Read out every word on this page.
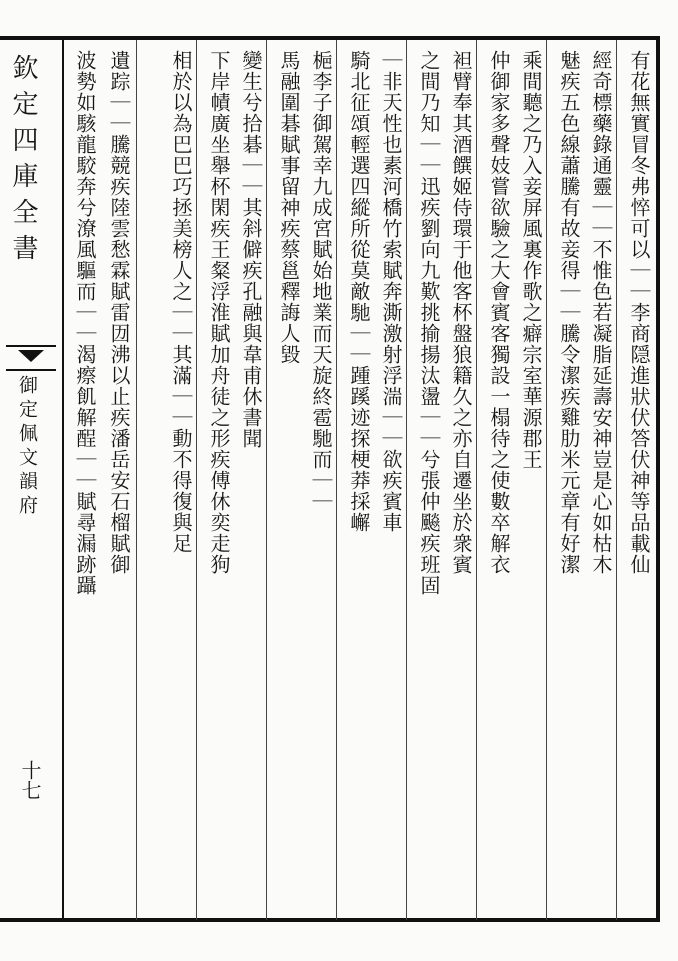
欽定四庫全書
御定佩文韻府
十七
有花無實冒冬弗悴可以｜｜李商隠進狀伏答伏神等品載仙
經奇標藥錄通靈｜｜不惟色若凝脂延壽安神豈是心如枯木
魅疾五色線蕭騰有故妾得｜｜騰令潔疾雞肋米元章有好潔
乘間聽之乃入妾屏風裏作歌之癖宗室華源郡王
仲御家多聲妓嘗欲驗之大會賓客獨設一榻待之使數卒解衣
袒臂奉其酒饌姬侍環于他客杯盤狼籍久之亦自遷坐於衆賓
之間乃知｜｜迅疾劉向九歎挑揄揚汰盪｜｜兮張仲飈疾班固
｜非天性也素河橋竹索賦奔澌激射浮湍｜｜欲疾賓車
騎北征頌輕選四縱所從莫敵馳｜｜踵蹊迹探梗莽採嶰
梔李子御駕幸九成宮賦始地業而天旋終雹馳而｜｜
馬融圍碁賦事留神疾蔡邕釋誨人毀
變生兮拾碁｜｜其斜僻疾孔融與韋甫休書聞
下岸幘廣坐舉杯閑疾王粲浮淮賦加舟徒之形疾傅休奕走狗
相於以為巴巴巧拯美榜人之｜｜其滿｜｜動不得復與足
遺踪｜｜騰競疾陸雲愁霖賦雷㘞沸以止疾潘岳安石榴賦御
波勢如駭龍駮奔兮潦風驅而｜｜渴瘵飢解酲｜｜賦尋漏跡躡
